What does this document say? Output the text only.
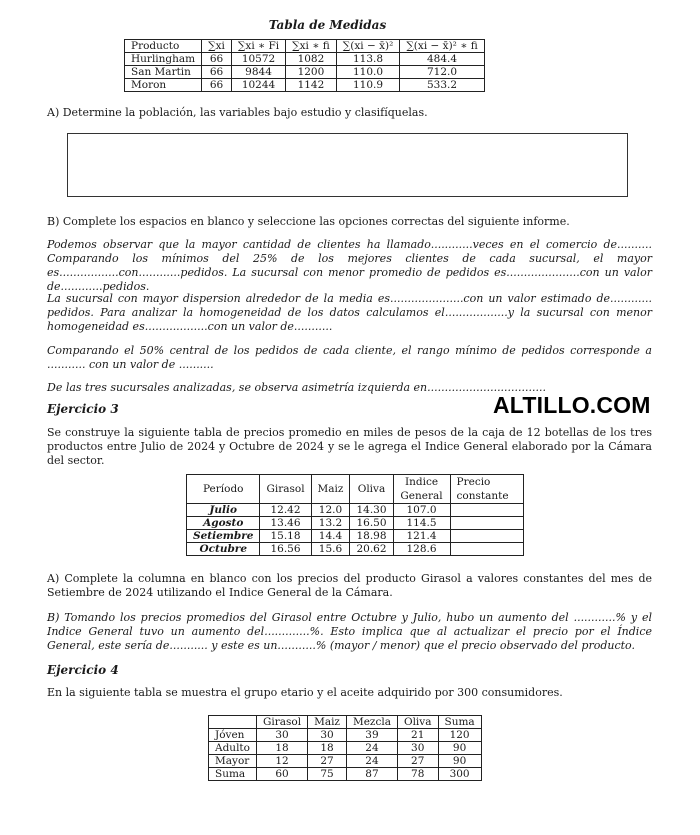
Tabla de Medidas
Producto	∑xi	∑xi ∗ Fi	∑xi ∗ fi	∑(xi − x̄)²	∑(xi − x̄)² ∗ fi
Hurlingham	66	10572	1082	113.8	484.4
San Martin	66	9844	1200	110.0	712.0
Moron	66	10244	1142	110.9	533.2

A) Determine la población, las variables bajo estudio y clasifíquelas.

B) Complete los espacios en blanco y seleccione las opciones correctas del siguiente informe.

Podemos observar que la mayor cantidad de clientes ha llamado............veces en el comercio de.......... Comparando los mínimos del 25% de los mejores clientes de cada sucursal, el mayor es.................con............pedidos. La sucursal con menor promedio de pedidos es.....................con un valor de............pedidos.

La sucursal con mayor dispersion alrededor de la media es.....................con un valor estimado de............ pedidos. Para analizar la homogeneidad de los datos calculamos el..................y la sucursal con menor homogeneidad es..................con un valor de...........

Comparando el 50% central de los pedidos de cada cliente, el rango mínimo de pedidos corresponde a ........... con un valor de ..........

De las tres sucursales analizadas, se observa asimetría izquierda en..................................

Ejercicio 3	ALTILLO.COM

Se construye la siguiente tabla de precios promedio en miles de pesos de la caja de 12 botellas de los tres productos entre Julio de 2024 y Octubre de 2024 y se le agrega el Indice General elaborado por la Cámara del sector.

Período	Girasol	Maiz	Oliva	Indice General	Precio constante
Julio	12.42	12.0	14.30	107.0	
Agosto	13.46	13.2	16.50	114.5	
Setiembre	15.18	14.4	18.98	121.4	
Octubre	16.56	15.6	20.62	128.6	

A) Complete la columna en blanco con los precios del producto Girasol a valores constantes del mes de Setiembre de 2024 utilizando el Indice General de la Cámara.

B) Tomando los precios promedios del Girasol entre Octubre y Julio, hubo un aumento del ............% y el Indice General tuvo un aumento del.............%. Esto implica que al actualizar el precio por el Índice General, este sería de........... y este es un...........% (mayor / menor) que el precio observado del producto.

Ejercicio 4

En la siguiente tabla se muestra el grupo etario y el aceite adquirido por 300 consumidores.

	Girasol	Maiz	Mezcla	Oliva	Suma
Jóven	30	30	39	21	120
Adulto	18	18	24	30	90
Mayor	12	27	24	27	90
Suma	60	75	87	78	300
